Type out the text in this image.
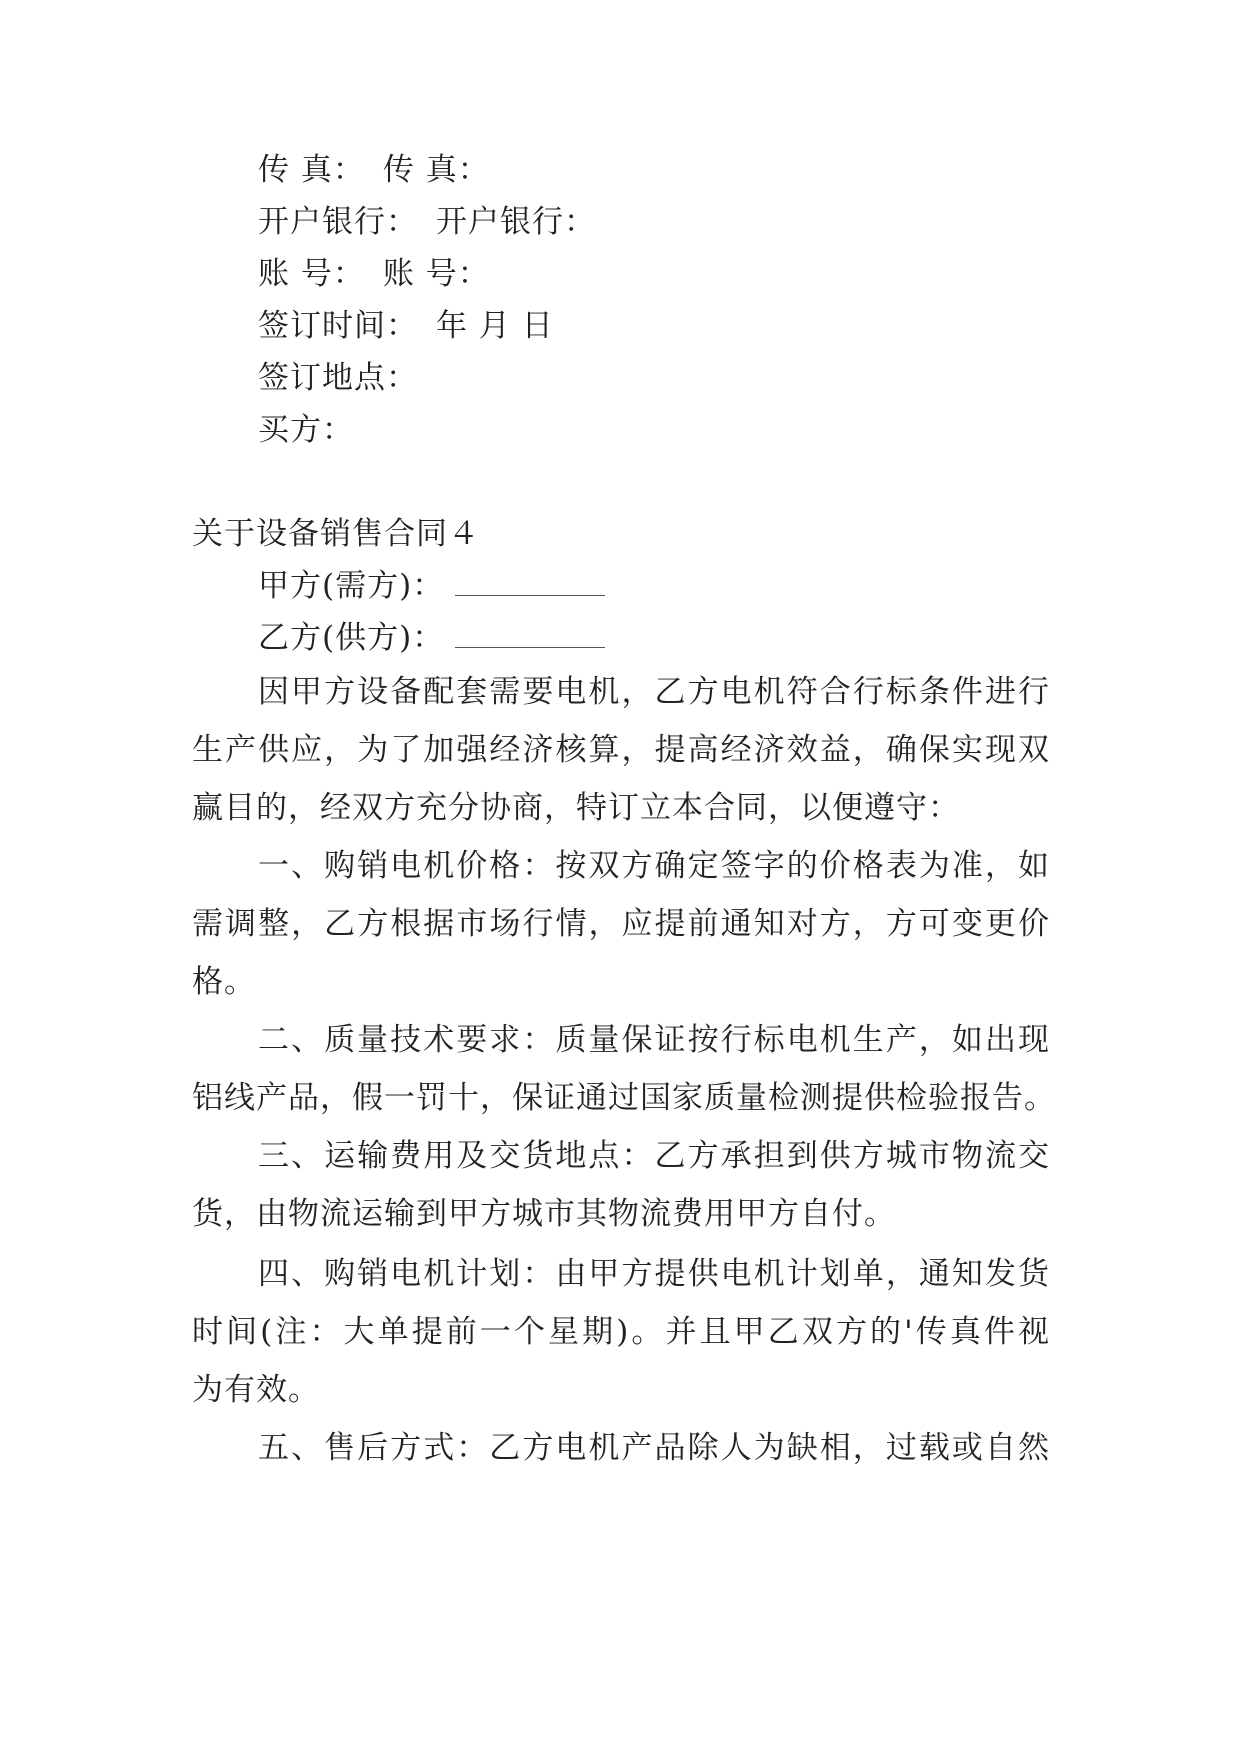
传 真： 传 真：
开户银行： 开户银行：
账 号： 账 号：
签订时间： 年 月 日
签订地点：
买方：
关于设备销售合同４
甲方(需方)：
乙方(供方)：
因甲方设备配套需要电机，乙方电机符合行标条件进行
生产供应，为了加强经济核算，提高经济效益，确保实现双
赢目的，经双方充分协商，特订立本合同，以便遵守：
一、购销电机价格：按双方确定签字的价格表为准，如
需调整，乙方根据市场行情，应提前通知对方，方可变更价
格。
二、质量技术要求：质量保证按行标电机生产，如出现
铝线产品，假一罚十，保证通过国家质量检测提供检验报告。
三、运输费用及交货地点：乙方承担到供方城市物流交
货，由物流运输到甲方城市其物流费用甲方自付。
四、购销电机计划：由甲方提供电机计划单，通知发货
时间(注：大单提前一个星期)。并且甲乙双方的'传真件视
为有效。
五、售后方式：乙方电机产品除人为缺相，过载或自然
